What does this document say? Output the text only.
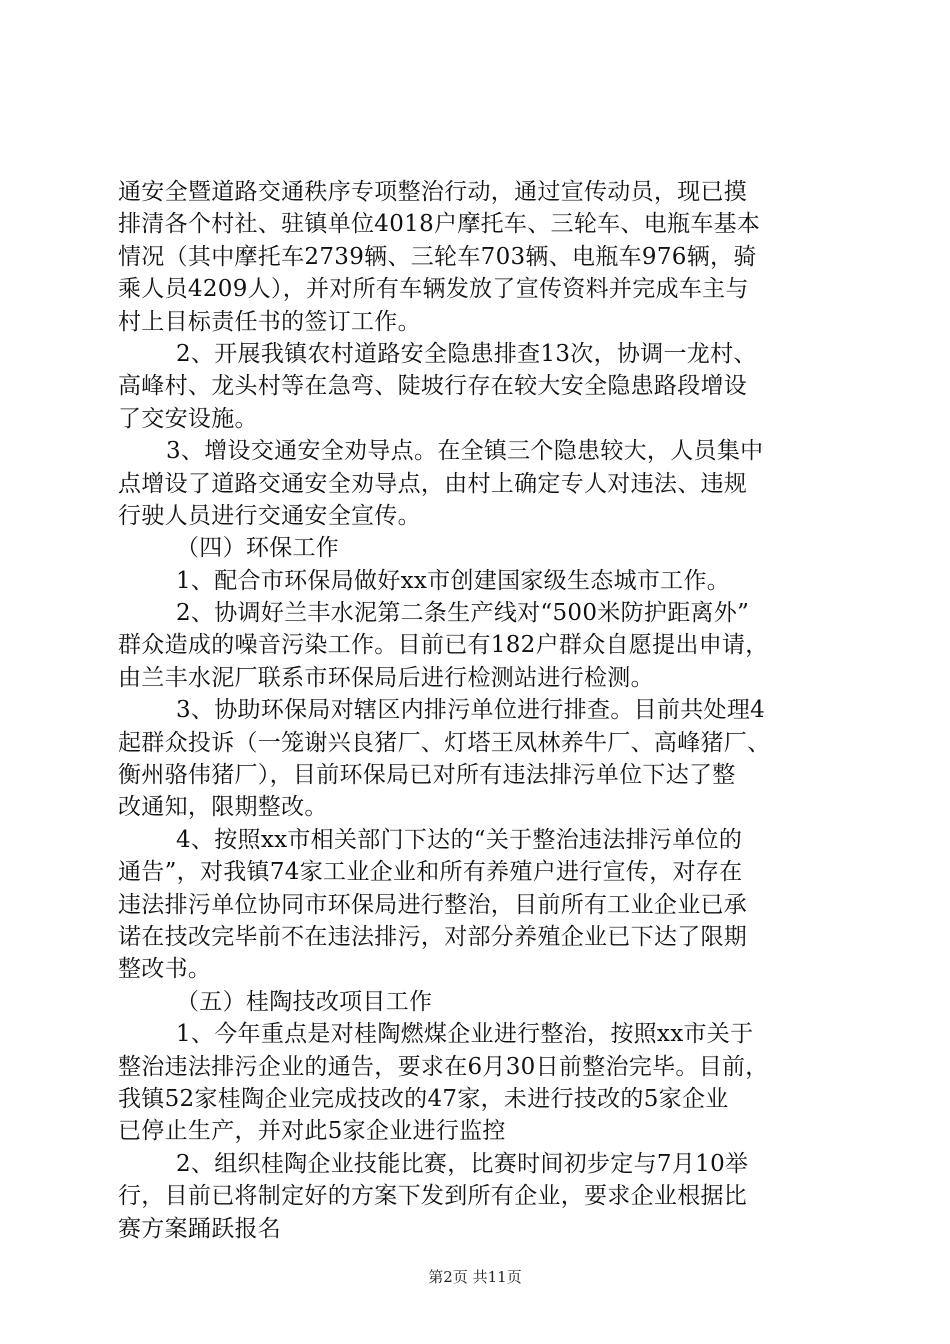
通安全暨道路交通秩序专项整治行动，通过宣传动员，现已摸
排清各个村社、驻镇单位4018户摩托车、三轮车、电瓶车基本
情况（其中摩托车2739辆、三轮车703辆、电瓶车976辆，骑
乘人员4209人），并对所有车辆发放了宣传资料并完成车主与
村上目标责任书的签订工作。
2、开展我镇农村道路安全隐患排查13次，协调一龙村、
高峰村、龙头村等在急弯、陡坡行存在较大安全隐患路段增设
了交安设施。
3、增设交通安全劝导点。在全镇三个隐患较大，人员集中
点增设了道路交通安全劝导点，由村上确定专人对违法、违规
行驶人员进行交通安全宣传。
（四）环保工作
1、配合市环保局做好xx市创建国家级生态城市工作。
2、协调好兰丰水泥第二条生产线对“500米防护距离外”
群众造成的噪音污染工作。目前已有182户群众自愿提出申请，
由兰丰水泥厂联系市环保局后进行检测站进行检测。
3、协助环保局对辖区内排污单位进行排查。目前共处理4
起群众投诉（一笼谢兴良猪厂、灯塔王凤林养牛厂、高峰猪厂、
衡州骆伟猪厂），目前环保局已对所有违法排污单位下达了整
改通知，限期整改。
4、按照xx市相关部门下达的“关于整治违法排污单位的
通告”，对我镇74家工业企业和所有养殖户进行宣传，对存在
违法排污单位协同市环保局进行整治，目前所有工业企业已承
诺在技改完毕前不在违法排污，对部分养殖企业已下达了限期
整改书。
（五）桂陶技改项目工作
1、今年重点是对桂陶燃煤企业进行整治，按照xx市关于
整治违法排污企业的通告，要求在6月30日前整治完毕。目前，
我镇52家桂陶企业完成技改的47家，未进行技改的5家企业
已停止生产，并对此5家企业进行监控
2、组织桂陶企业技能比赛，比赛时间初步定与7月10举
行，目前已将制定好的方案下发到所有企业，要求企业根据比
赛方案踊跃报名
第2页 共11页
